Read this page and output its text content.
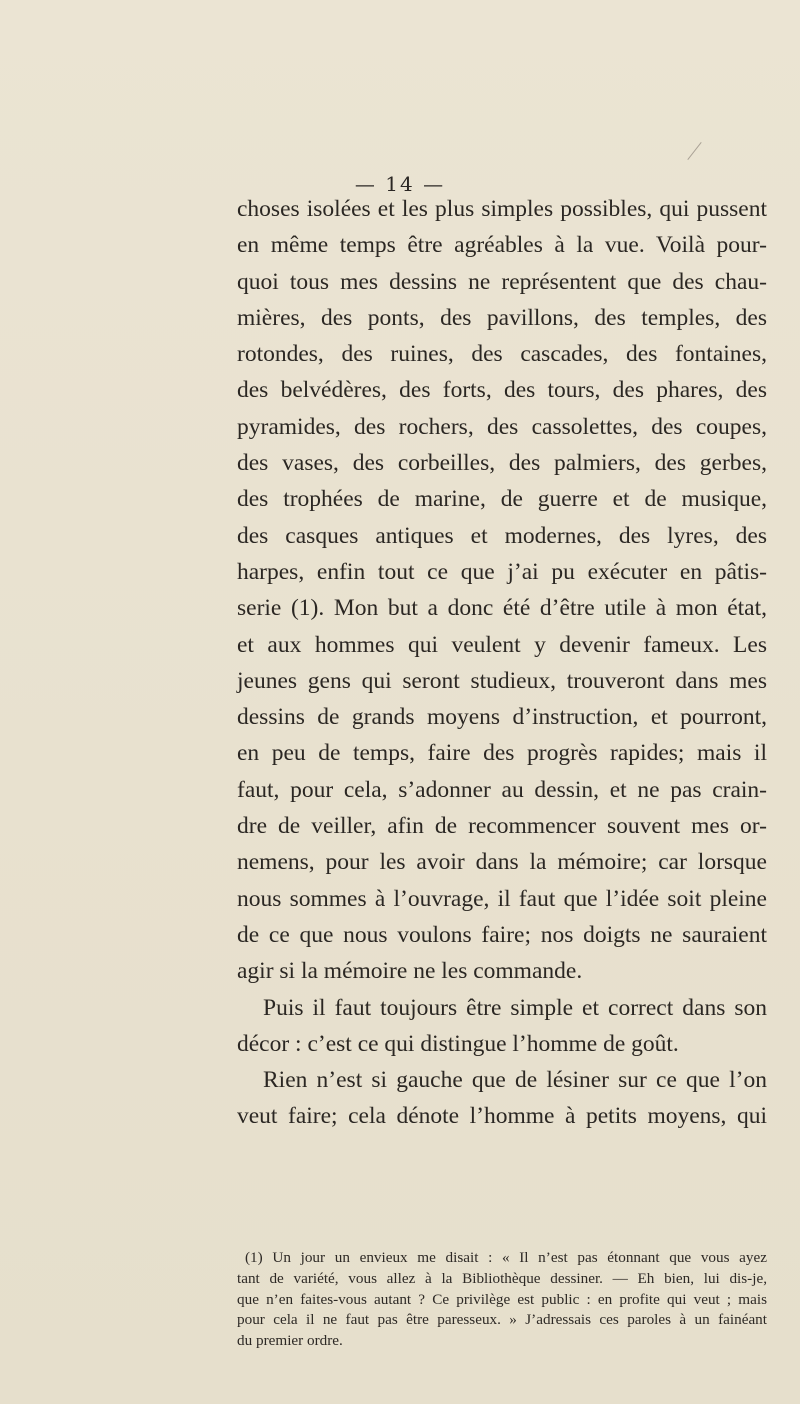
— 14 —
choses isolées et les plus simples possibles, qui pussent
en même temps être agréables à la vue. Voilà pour-
quoi tous mes dessins ne représentent que des chau-
mières, des ponts, des pavillons, des temples, des
rotondes, des ruines, des cascades, des fontaines,
des belvédères, des forts, des tours, des phares, des
pyramides, des rochers, des cassolettes, des coupes,
des vases, des corbeilles, des palmiers, des gerbes,
des trophées de marine, de guerre et de musique,
des casques antiques et modernes, des lyres, des
harpes, enfin tout ce que j’ai pu exécuter en pâtis-
serie (1). Mon but a donc été d’être utile à mon état,
et aux hommes qui veulent y devenir fameux. Les
jeunes gens qui seront studieux, trouveront dans mes
dessins de grands moyens d’instruction, et pourront,
en peu de temps, faire des progrès rapides; mais il
faut, pour cela, s’adonner au dessin, et ne pas crain-
dre de veiller, afin de recommencer souvent mes or-
nemens, pour les avoir dans la mémoire; car lorsque
nous sommes à l’ouvrage, il faut que l’idée soit pleine
de ce que nous voulons faire; nos doigts ne sauraient
agir si la mémoire ne les commande.
Puis il faut toujours être simple et correct dans son
décor : c’est ce qui distingue l’homme de goût.
Rien n’est si gauche que de lésiner sur ce que l’on
veut faire; cela dénote l’homme à petits moyens, qui
(1) Un jour un envieux me disait : « Il n’est pas étonnant que vous ayez
tant de variété, vous allez à la Bibliothèque dessiner. — Eh bien, lui dis-je,
que n’en faites-vous autant ? Ce privilège est public : en profite qui veut ; mais
pour cela il ne faut pas être paresseux. » J’adressais ces paroles à un fainéant
du premier ordre.
